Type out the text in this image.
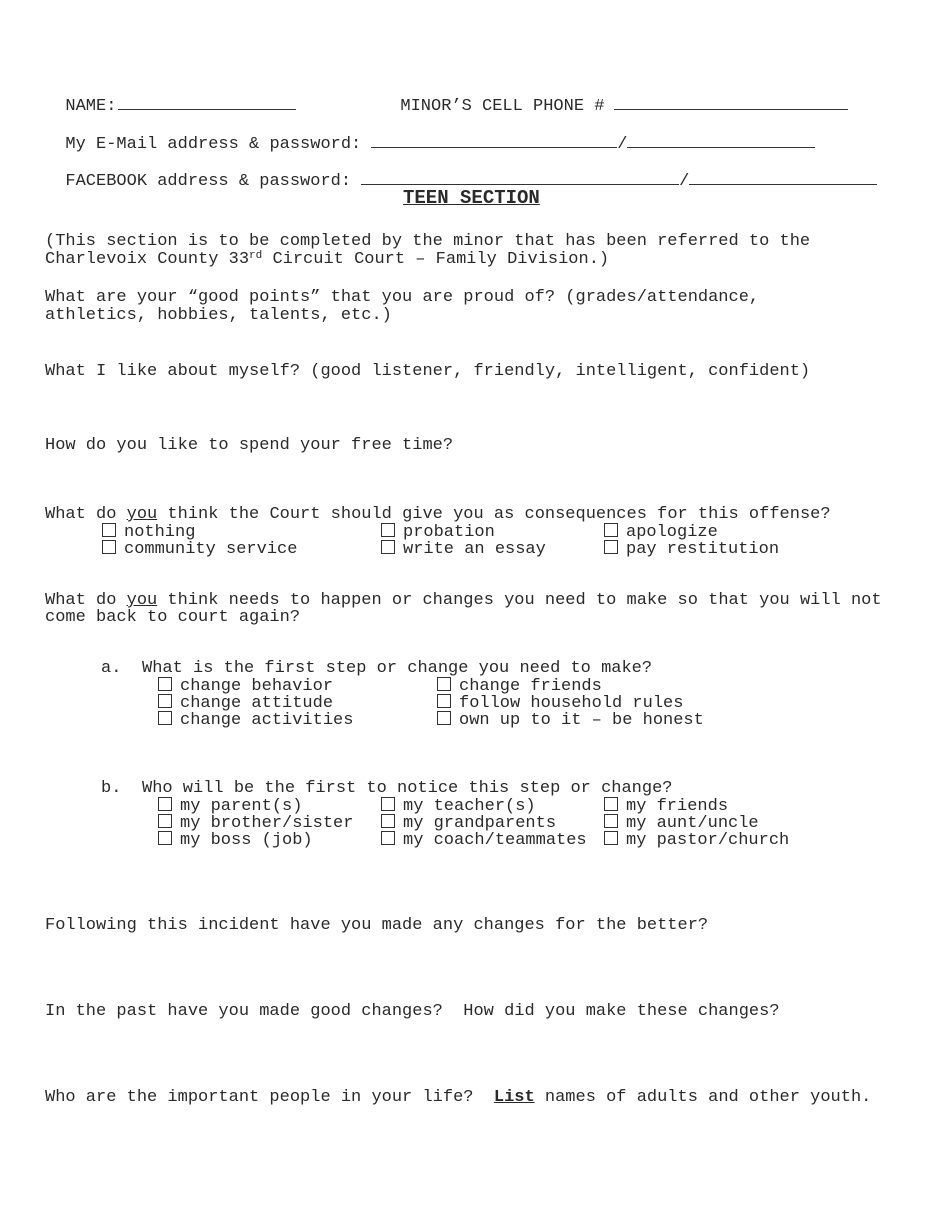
NAME:	MINOR’S CELL PHONE #

My E-Mail address & password:	/

FACEBOOK address & password:	/

TEEN SECTION
(This section is to be completed by the minor that has been referred to the
Charlevoix County 33rd Circuit Court – Family Division.)
What are your “good points” that you are proud of? (grades/attendance,
athletics, hobbies, talents, etc.)
What I like about myself? (good listener, friendly, intelligent, confident)
How do you like to spend your free time?
What do you think the Court should give you as consequences for this offense?
nothing	probation	apologize
community service	write an essay	pay restitution
What do you think needs to happen or changes you need to make so that you will not
come back to court again?
a. What is the first step or change you need to make?
change behavior	change friends
change attitude	follow household rules
change activities	own up to it – be honest
b. Who will be the first to notice this step or change?
my parent(s)	my teacher(s)	my friends
my brother/sister	my grandparents	my aunt/uncle
my boss (job)	my coach/teammates	my pastor/church
Following this incident have you made any changes for the better?
In the past have you made good changes?  How did you make these changes?
Who are the important people in your life?  List names of adults and other youth.
